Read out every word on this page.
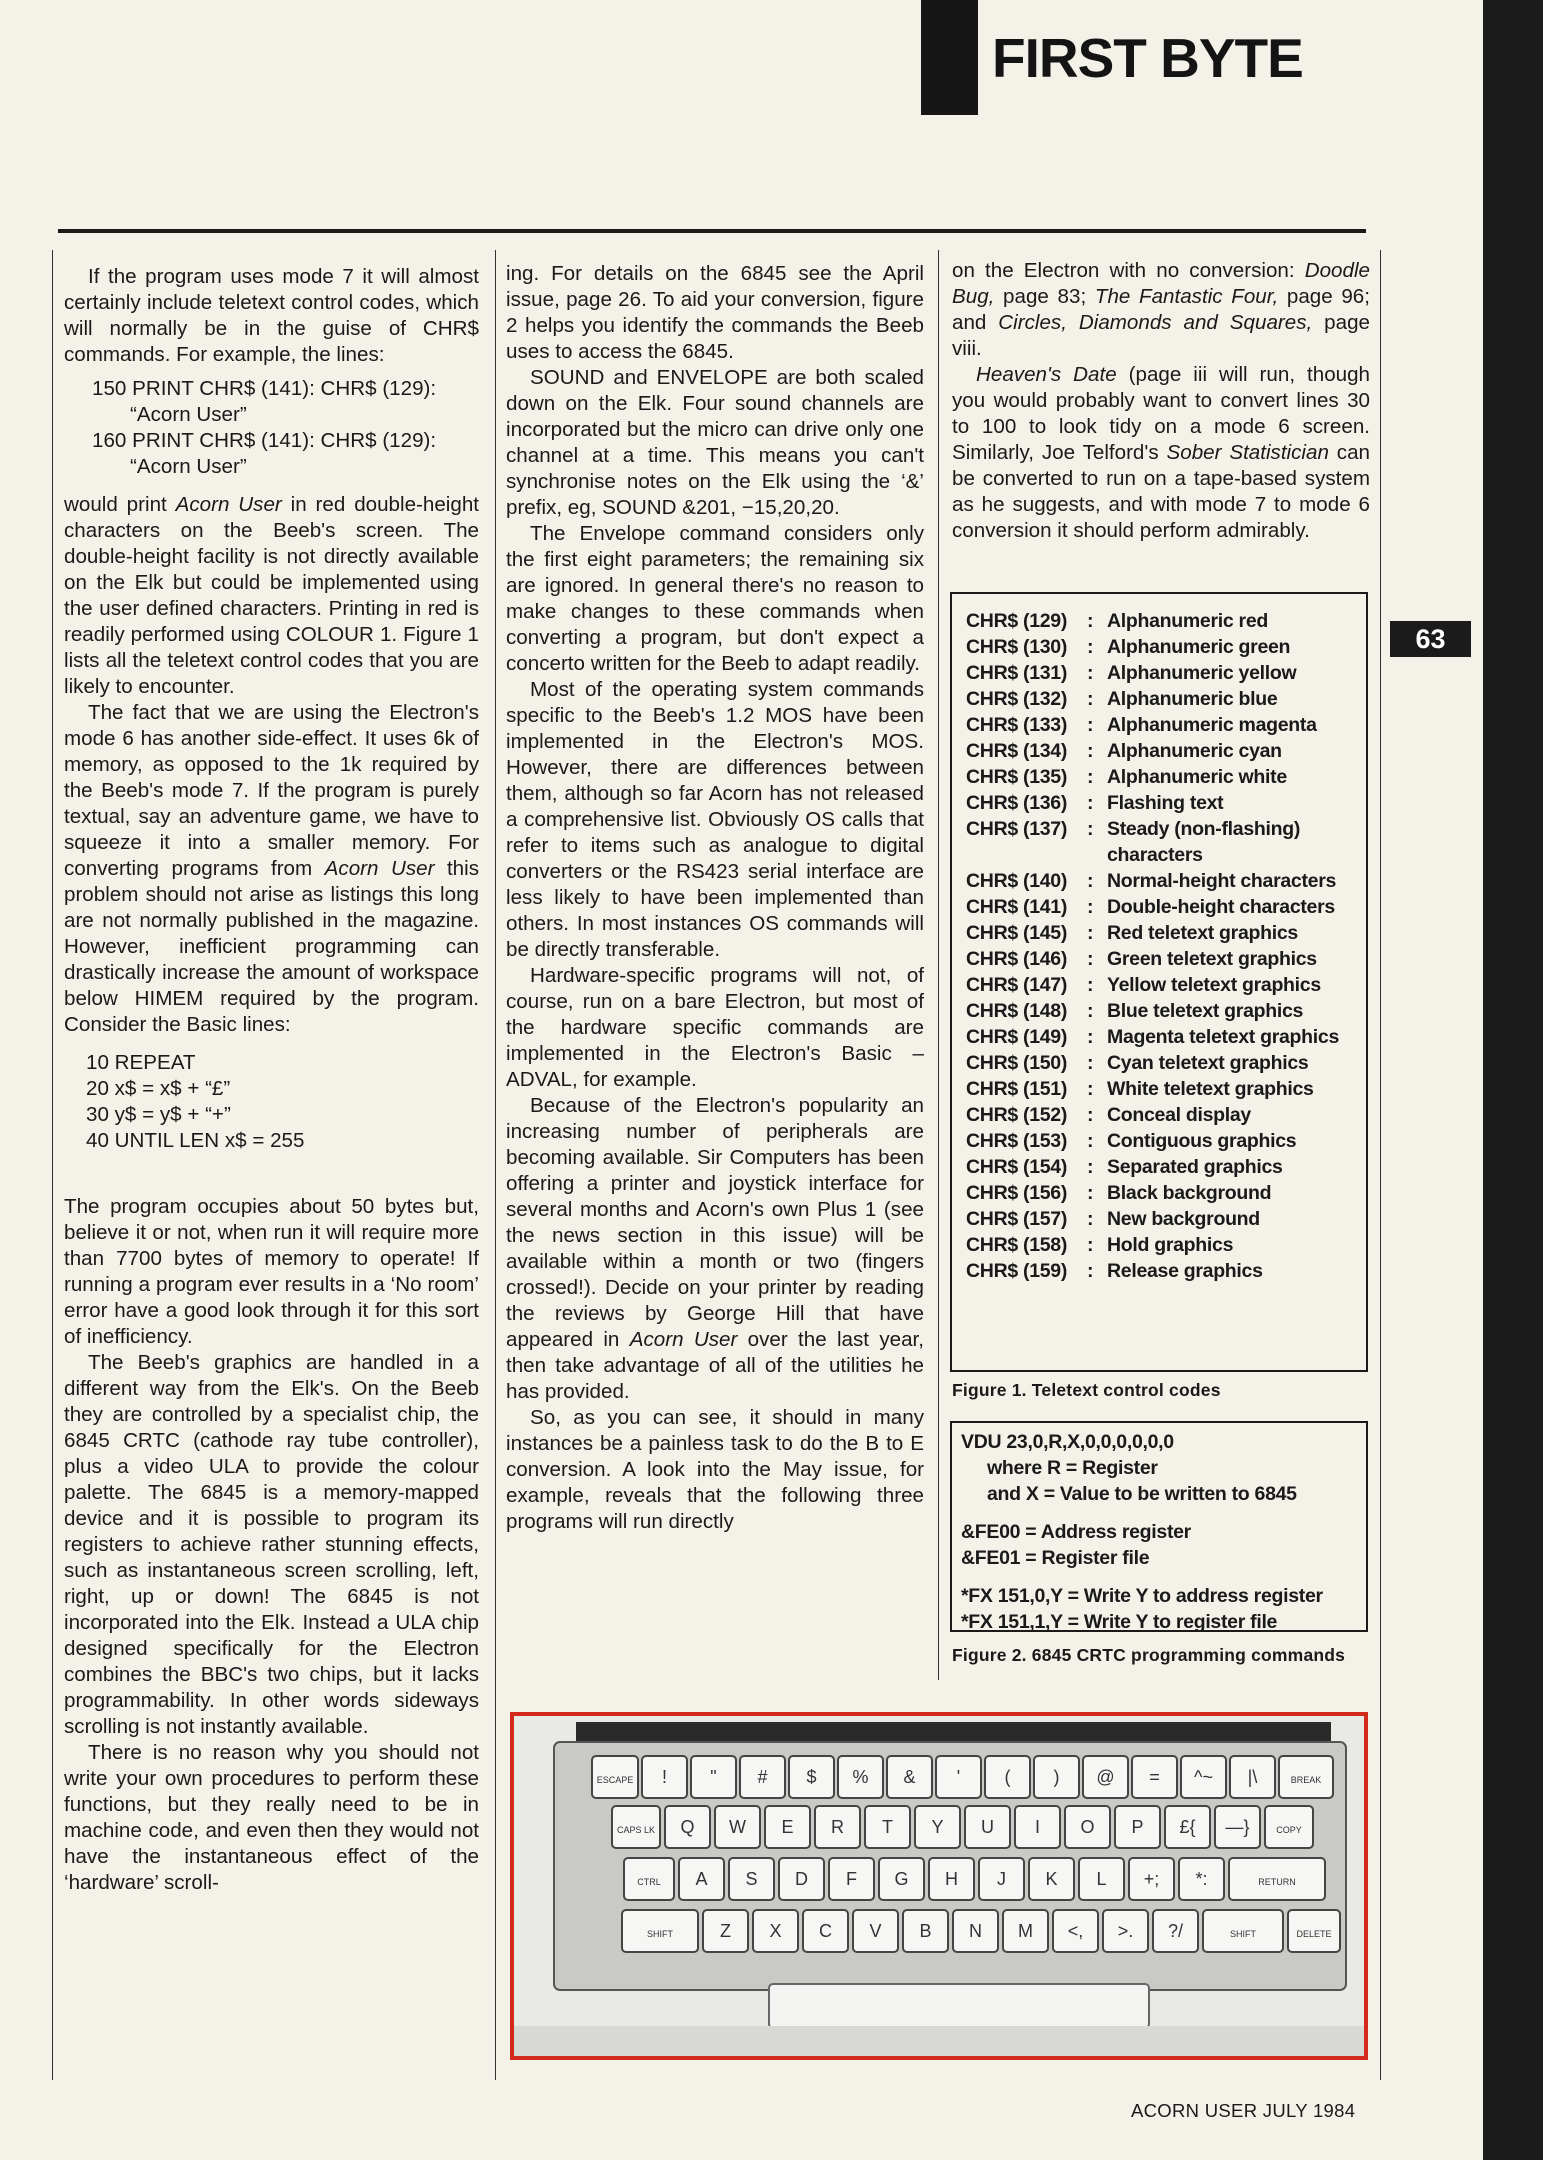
FIRST BYTE

If the program uses mode 7 it will almost certainly include teletext control codes, which will normally be in the guise of CHR$ commands. For example, the lines:

150 PRINT CHR$ (141): CHR$ (129):
“Acorn User”
160 PRINT CHR$ (141): CHR$ (129):
“Acorn User”

would print Acorn User in red double-height characters on the Beeb's screen. The double-height facility is not directly available on the Elk but could be implemented using the user defined characters. Printing in red is readily performed using COLOUR 1. Figure 1 lists all the teletext control codes that you are likely to encounter.

The fact that we are using the Electron's mode 6 has another side-effect. It uses 6k of memory, as opposed to the 1k required by the Beeb's mode 7. If the program is purely textual, say an adventure game, we have to squeeze it into a smaller memory. For converting programs from Acorn User this problem should not arise as listings this long are not normally published in the magazine. However, inefficient programming can drastically increase the amount of workspace below HIMEM required by the program. Consider the Basic lines:

10 REPEAT
20 x$ = x$ + “£”
30 y$ = y$ + “+”
40 UNTIL LEN x$ = 255

The program occupies about 50 bytes but, believe it or not, when run it will require more than 7700 bytes of memory to operate! If running a program ever results in a ‘No room’ error have a good look through it for this sort of inefficiency.

The Beeb's graphics are handled in a different way from the Elk's. On the Beeb they are controlled by a specialist chip, the 6845 CRTC (cathode ray tube controller), plus a video ULA to provide the colour palette. The 6845 is a memory-mapped device and it is possible to program its registers to achieve rather stunning effects, such as instantaneous screen scrolling, left, right, up or down! The 6845 is not incorporated into the Elk. Instead a ULA chip designed specifically for the Electron combines the BBC's two chips, but it lacks programmability. In other words sideways scrolling is not instantly available.

There is no reason why you should not write your own procedures to perform these functions, but they really need to be in machine code, and even then they would not have the instantaneous effect of the ‘hardware’ scroll-

ing. For details on the 6845 see the April issue, page 26. To aid your conversion, figure 2 helps you identify the commands the Beeb uses to access the 6845.

SOUND and ENVELOPE are both scaled down on the Elk. Four sound channels are incorporated but the micro can drive only one channel at a time. This means you can't synchronise notes on the Elk using the ‘&’ prefix, eg, SOUND &201, −15,20,20.

The Envelope command considers only the first eight parameters; the remaining six are ignored. In general there's no reason to make changes to these commands when converting a program, but don't expect a concerto written for the Beeb to adapt readily.

Most of the operating system commands specific to the Beeb's 1.2 MOS have been implemented in the Electron's MOS. However, there are differences between them, although so far Acorn has not released a comprehensive list. Obviously OS calls that refer to items such as analogue to digital converters or the RS423 serial interface are less likely to have been implemented than others. In most instances OS commands will be directly transferable.

Hardware-specific programs will not, of course, run on a bare Electron, but most of the hardware specific commands are implemented in the Electron's Basic – ADVAL, for example.

Because of the Electron's popularity an increasing number of peripherals are becoming available. Sir Computers has been offering a printer and joystick interface for several months and Acorn's own Plus 1 (see the news section in this issue) will be available within a month or two (fingers crossed!). Decide on your printer by reading the reviews by George Hill that have appeared in Acorn User over the last year, then take advantage of all of the utilities he has provided.

So, as you can see, it should in many instances be a painless task to do the B to E conversion. A look into the May issue, for example, reveals that the following three programs will run directly

on the Electron with no conversion: Doodle Bug, page 83; The Fantastic Four, page 96; and Circles, Diamonds and Squares, page viii.

Heaven's Date (page iii will run, though you would probably want to convert lines 30 to 100 to look tidy on a mode 6 screen. Similarly, Joe Telford's Sober Statistician can be converted to run on a tape-based system as he suggests, and with mode 7 to mode 6 conversion it should perform admirably.

63
CHR$ (129)	: Alphanumeric red
CHR$ (130)	: Alphanumeric green
CHR$ (131)	: Alphanumeric yellow
CHR$ (132)	: Alphanumeric blue
CHR$ (133)	: Alphanumeric magenta
CHR$ (134)	: Alphanumeric cyan
CHR$ (135)	: Alphanumeric white
CHR$ (136)	: Flashing text
CHR$ (137)	: Steady (non-flashing) characters
CHR$ (140)	: Normal-height characters
CHR$ (141)	: Double-height characters
CHR$ (145)	: Red teletext graphics
CHR$ (146)	: Green teletext graphics
CHR$ (147)	: Yellow teletext graphics
CHR$ (148)	: Blue teletext graphics
CHR$ (149)	: Magenta teletext graphics
CHR$ (150)	: Cyan teletext graphics
CHR$ (151)	: White teletext graphics
CHR$ (152)	: Conceal display
CHR$ (153)	: Contiguous graphics
CHR$ (154)	: Separated graphics
CHR$ (156)	: Black background
CHR$ (157)	: New background
CHR$ (158)	: Hold graphics
CHR$ (159)	: Release graphics
Figure 1. Teletext control codes
VDU 23,0,R,X,0,0,0,0,0,0
where R = Register
and X = Value to be written to 6845
&FE00 = Address register
&FE01 = Register file
*FX 151,0,Y = Write Y to address register
*FX 151,1,Y = Write Y to register file
Figure 2. 6845 CRTC programming commands
ESCAPE ! " # $ % & ' ( ) @ = ^~ |\	BREAK
CAPS LK Q W E R T Y U I O P £{ —}	COPY
CTRL A S D F G H J K L +; *:	RETURN
SHIFT	Z X C V B N M <, >. ?/	SHIFT	DELETE
ACORN USER JULY 1984
